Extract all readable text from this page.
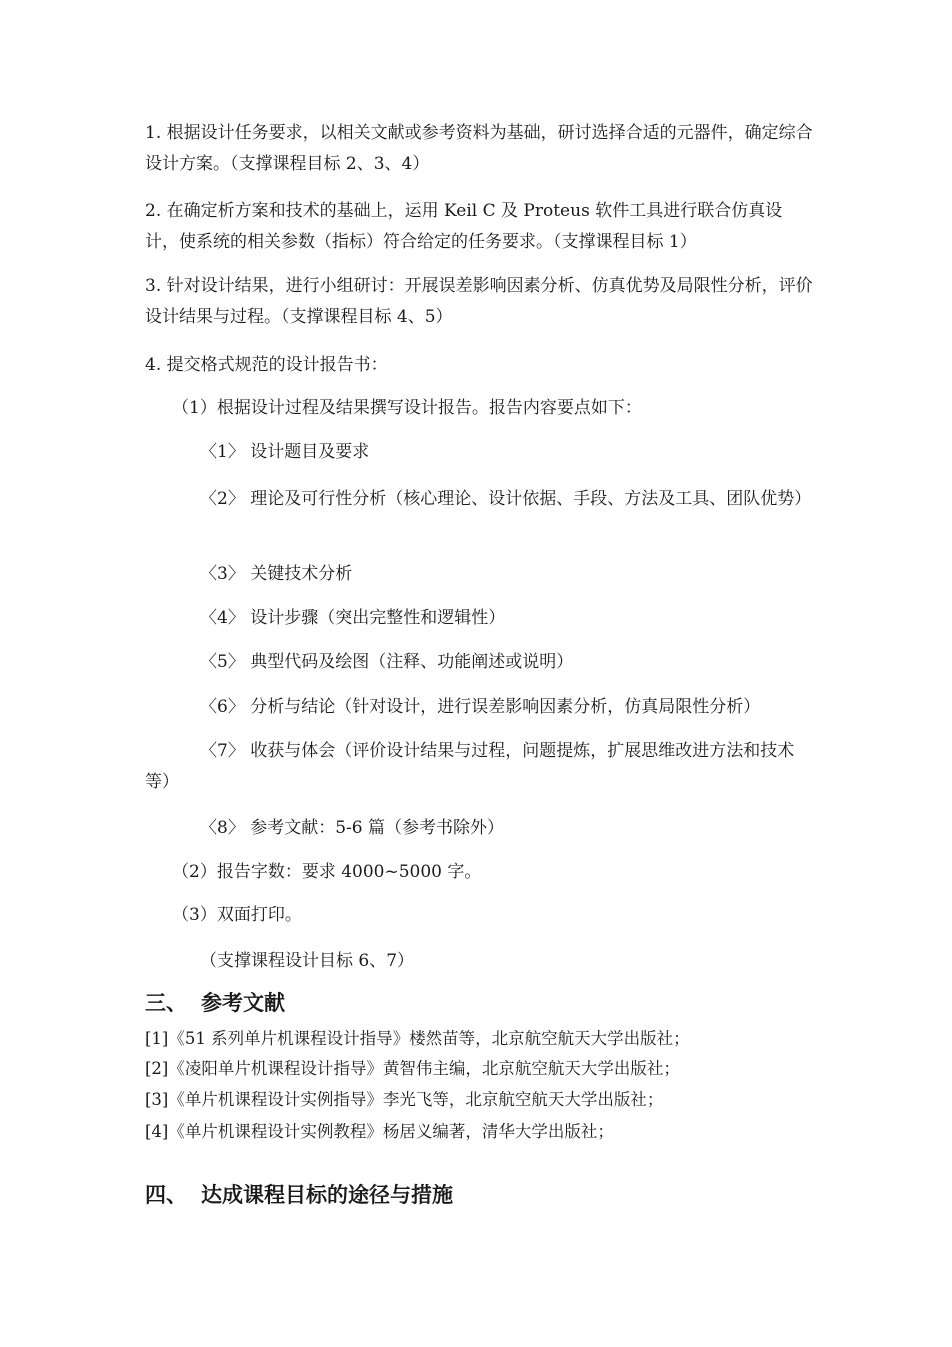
1. 根据设计任务要求，以相关文献或参考资料为基础，研讨选择合适的元器件，确定综合设计方案。（支撑课程目标 2、3、4）

2. 在确定析方案和技术的基础上，运用 Keil C 及 Proteus 软件工具进行联合仿真设计，使系统的相关参数（指标）符合给定的任务要求。（支撑课程目标 1）

3. 针对设计结果，进行小组研讨：开展误差影响因素分析、仿真优势及局限性分析，评价设计结果与过程。（支撑课程目标 4、5）

4. 提交格式规范的设计报告书：

（1）根据设计过程及结果撰写设计报告。报告内容要点如下：

〈1〉 设计题目及要求

〈2〉 理论及可行性分析（核心理论、设计依据、手段、方法及工具、团队优势）

〈3〉 关键技术分析

〈4〉 设计步骤（突出完整性和逻辑性）

〈5〉 典型代码及绘图（注释、功能阐述或说明）

〈6〉 分析与结论（针对设计，进行误差影响因素分析，仿真局限性分析）

〈7〉 收获与体会（评价设计结果与过程，问题提炼，扩展思维改进方法和技术等）

〈8〉 参考文献：5-6 篇（参考书除外）

（2）报告字数：要求 4000~5000 字。

（3）双面打印。

（支撑课程设计目标 6、7）

三、 参考文献

[1]《51 系列单片机课程设计指导》楼然苗等，北京航空航天大学出版社；

[2]《凌阳单片机课程设计指导》黄智伟主编，北京航空航天大学出版社；

[3]《单片机课程设计实例指导》李光飞等，北京航空航天大学出版社；

[4]《单片机课程设计实例教程》杨居义编著，清华大学出版社；

四、 达成课程目标的途径与措施
